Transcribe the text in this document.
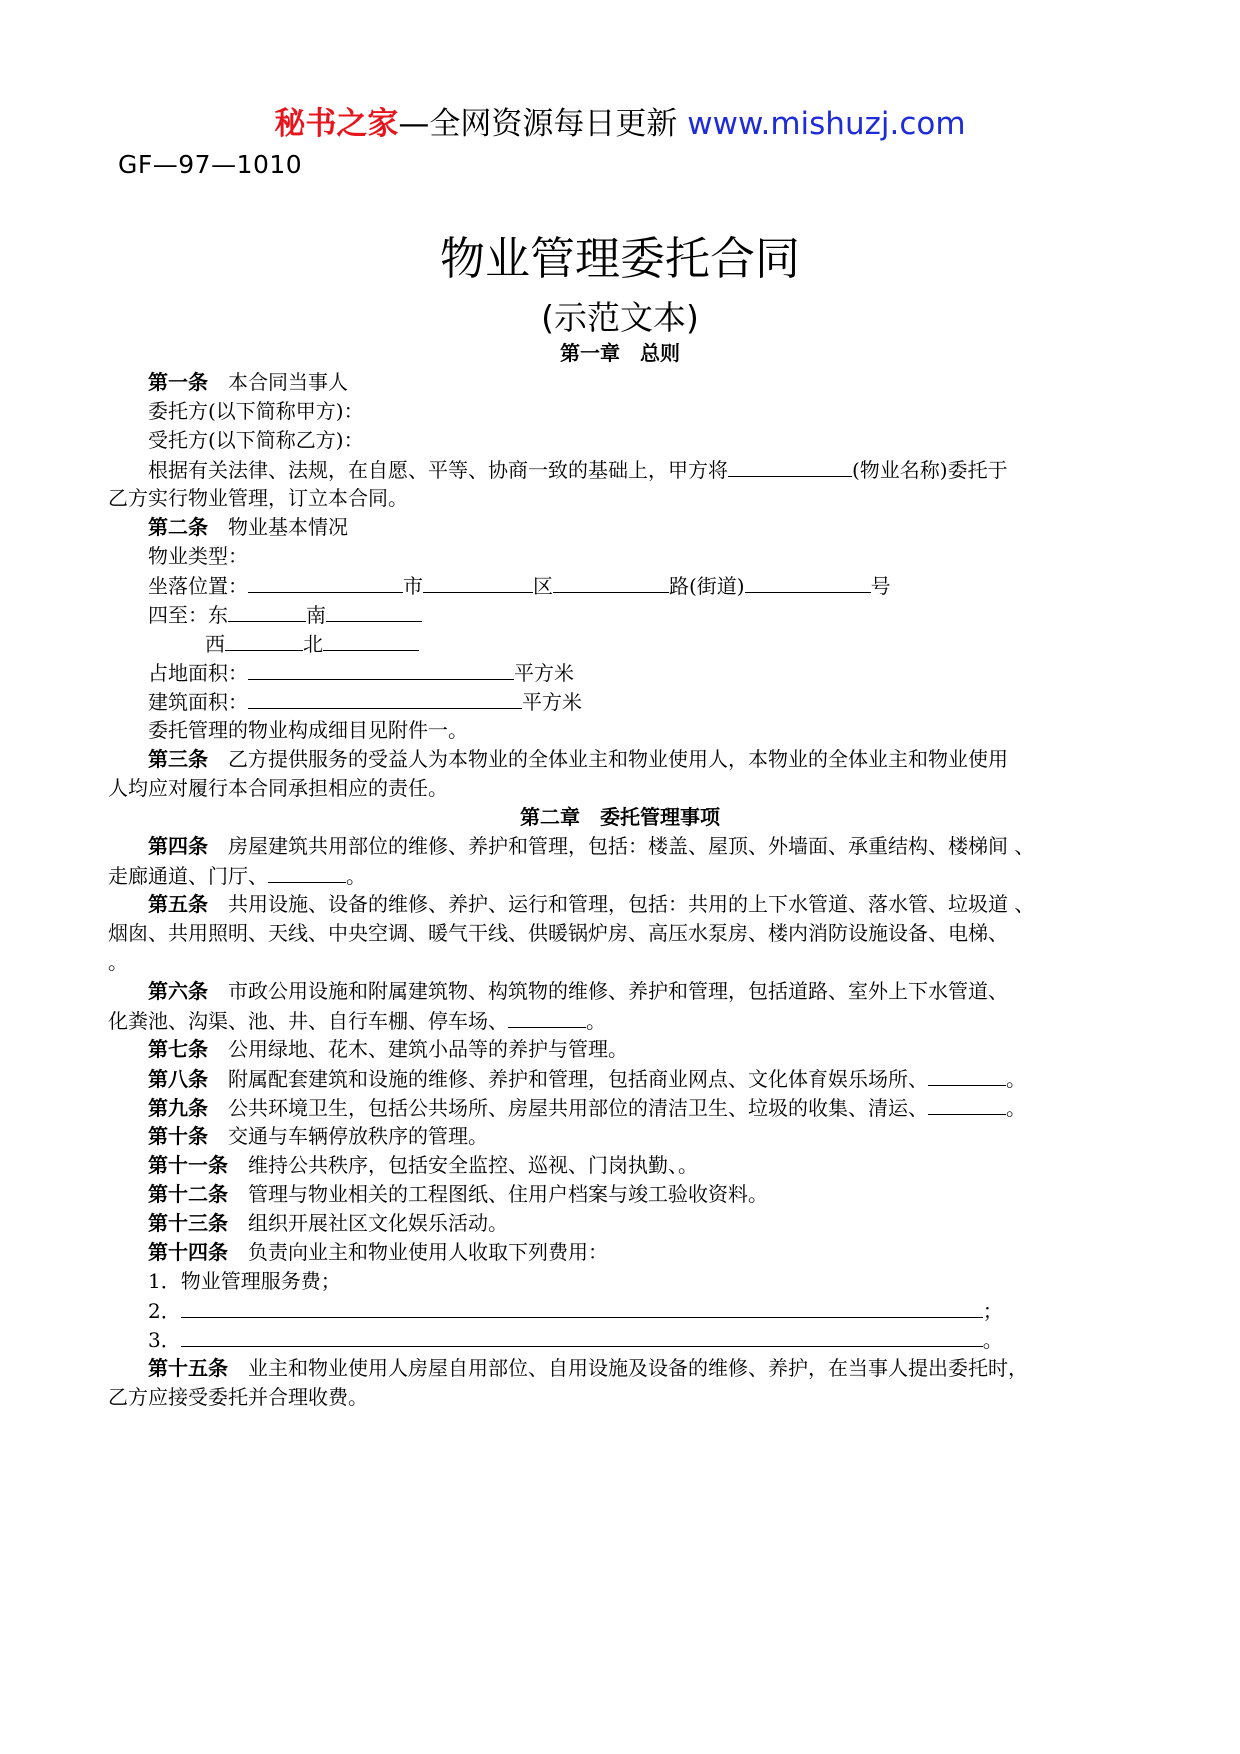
秘书之家—全网资源每日更新 www.mishuzj.com
GF—97—1010
物业管理委托合同
(示范文本)
第一章　总则
第一条　本合同当事人
委托方(以下简称甲方)：
受托方(以下简称乙方)：
根据有关法律、法规，在自愿、平等、协商一致的基础上，甲方将	(物业名称)委托于
乙方实行物业管理，订立本合同。
第二条　物业基本情况
物业类型：
坐落位置：	市	区	路(街道)	号
四至：东	南
西	北
占地面积：	平方米
建筑面积：	平方米
委托管理的物业构成细目见附件一。
第三条　乙方提供服务的受益人为本物业的全体业主和物业使用人，本物业的全体业主和物业使用
人均应对履行本合同承担相应的责任。
第二章　委托管理事项
第四条　房屋建筑共用部位的维修、养护和管理，包括：楼盖、屋顶、外墙面、承重结构、楼梯间 、
走廊通道、门厅、	。
第五条　共用设施、设备的维修、养护、运行和管理，包括：共用的上下水管道、落水管、垃圾道 、
烟囱、共用照明、天线、中央空调、暖气干线、供暖锅炉房、高压水泵房、楼内消防设施设备、电梯、
。
第六条　市政公用设施和附属建筑物、构筑物的维修、养护和管理，包括道路、室外上下水管道、
化粪池、沟渠、池、井、自行车棚、停车场、	。
第七条　公用绿地、花木、建筑小品等的养护与管理。
第八条　附属配套建筑和设施的维修、养护和管理，包括商业网点、文化体育娱乐场所、	。
第九条　公共环境卫生，包括公共场所、房屋共用部位的清洁卫生、垃圾的收集、清运、	。
第十条　交通与车辆停放秩序的管理。
第十一条　维持公共秩序，包括安全监控、巡视、门岗执勤、。
第十二条　管理与物业相关的工程图纸、住用户档案与竣工验收资料。
第十三条　组织开展社区文化娱乐活动。
第十四条　负责向业主和物业使用人收取下列费用：
1．物业管理服务费；
2．	；
3．	。
第十五条　业主和物业使用人房屋自用部位、自用设施及设备的维修、养护，在当事人提出委托时，
乙方应接受委托并合理收费。
